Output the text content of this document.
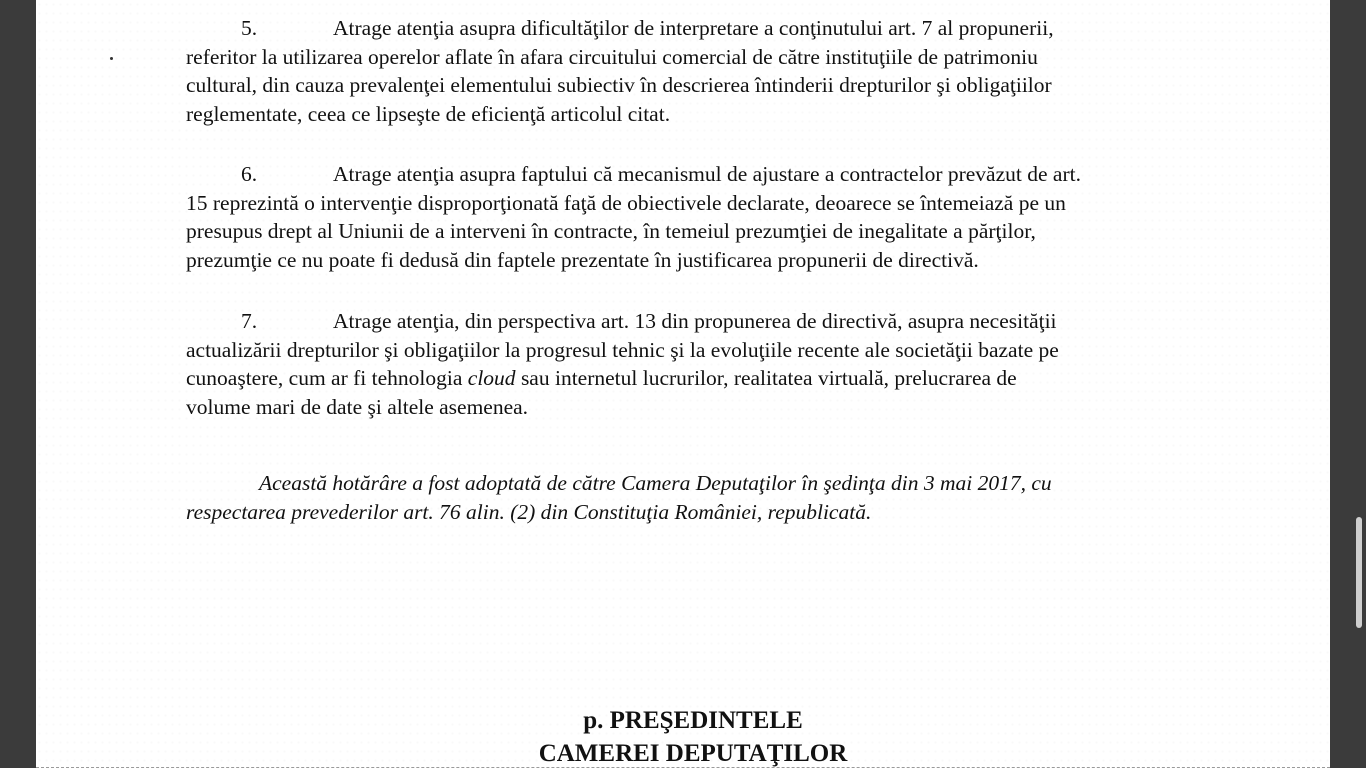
5.	Atrage atenţia asupra dificultăţilor de interpretare a conţinutului art. 7 al propunerii,
referitor la utilizarea operelor aflate în afara circuitului comercial de către instituţiile de patrimoniu
cultural, din cauza prevalenţei elementului subiectiv în descrierea întinderii drepturilor şi obligaţiilor
reglementate, ceea ce lipseşte de eficienţă articolul citat.
6.	Atrage atenţia asupra faptului că mecanismul de ajustare a contractelor prevăzut de art.
15 reprezintă o intervenţie disproporţionată faţă de obiectivele declarate, deoarece se întemeiază pe un
presupus drept al Uniunii de a interveni în contracte, în temeiul prezumţiei de inegalitate a părţilor,
prezumţie ce nu poate fi dedusă din faptele prezentate în justificarea propunerii de directivă.
7.	Atrage atenţia, din perspectiva art. 13 din propunerea de directivă, asupra necesităţii
actualizării drepturilor şi obligaţiilor la progresul tehnic şi la evoluţiile recente ale societăţii bazate pe
cunoaştere, cum ar fi tehnologia cloud sau internetul lucrurilor, realitatea virtuală, prelucrarea de
volume mari de date şi altele asemenea.
Această hotărâre a fost adoptată de către Camera Deputaţilor în şedinţa din 3 mai 2017, cu
respectarea prevederilor art. 76 alin. (2) din Constituţia României, republicată.
p. PREŞEDINTELE
CAMEREI DEPUTAŢILOR
